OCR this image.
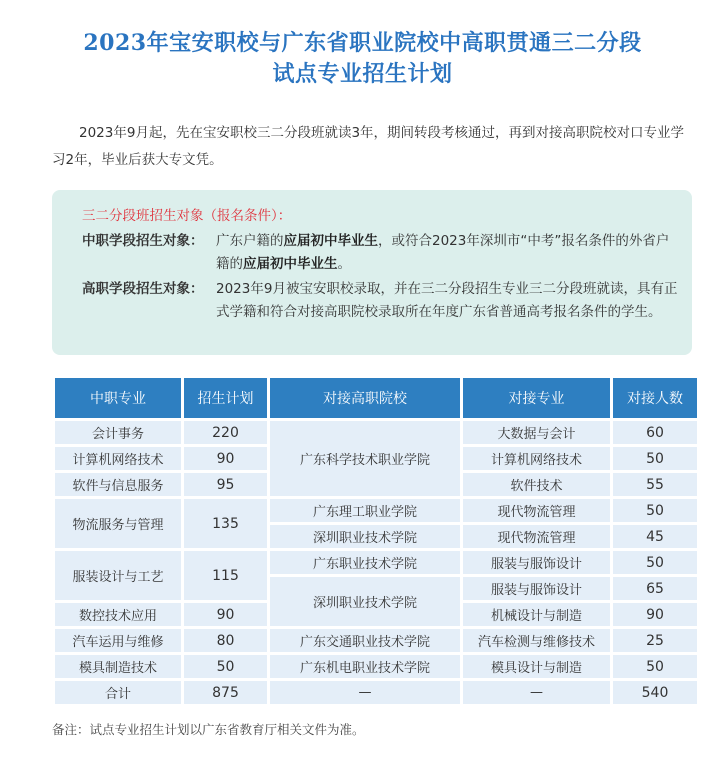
2023年宝安职校与广东省职业院校中高职贯通三二分段
试点专业招生计划
2023年9月起，先在宝安职校三二分段班就读3年，期间转段考核通过，再到对接高职院校对口专业学习2年，毕业后获大专文凭。
三二分段班招生对象（报名条件）：
中职学段招生对象： 广东户籍的应届初中毕业生，或符合2023年深圳市“中考”报名条件的外省户籍的应届初中毕业生。
高职学段招生对象： 2023年9月被宝安职校录取，并在三二分段招生专业三二分段班就读，具有正式学籍和符合对接高职院校录取所在年度广东省普通高考报名条件的学生。
中职专业	招生计划	对接高职院校	对接专业	对接人数
会计事务	220	广东科学技术职业学院	大数据与会计	60
计算机网络技术	90		计算机网络技术	50
软件与信息服务	95		软件技术	55
物流服务与管理	135	广东理工职业学院	现代物流管理	50
		深圳职业技术学院	现代物流管理	45
服装设计与工艺	115	广东职业技术学院	服装与服饰设计	50
		深圳职业技术学院	服装与服饰设计	65
数控技术应用	90		机械设计与制造	90
汽车运用与维修	80	广东交通职业技术学院	汽车检测与维修技术	25
模具制造技术	50	广东机电职业技术学院	模具设计与制造	50
合计	875	—	—	540
备注：试点专业招生计划以广东省教育厅相关文件为准。
